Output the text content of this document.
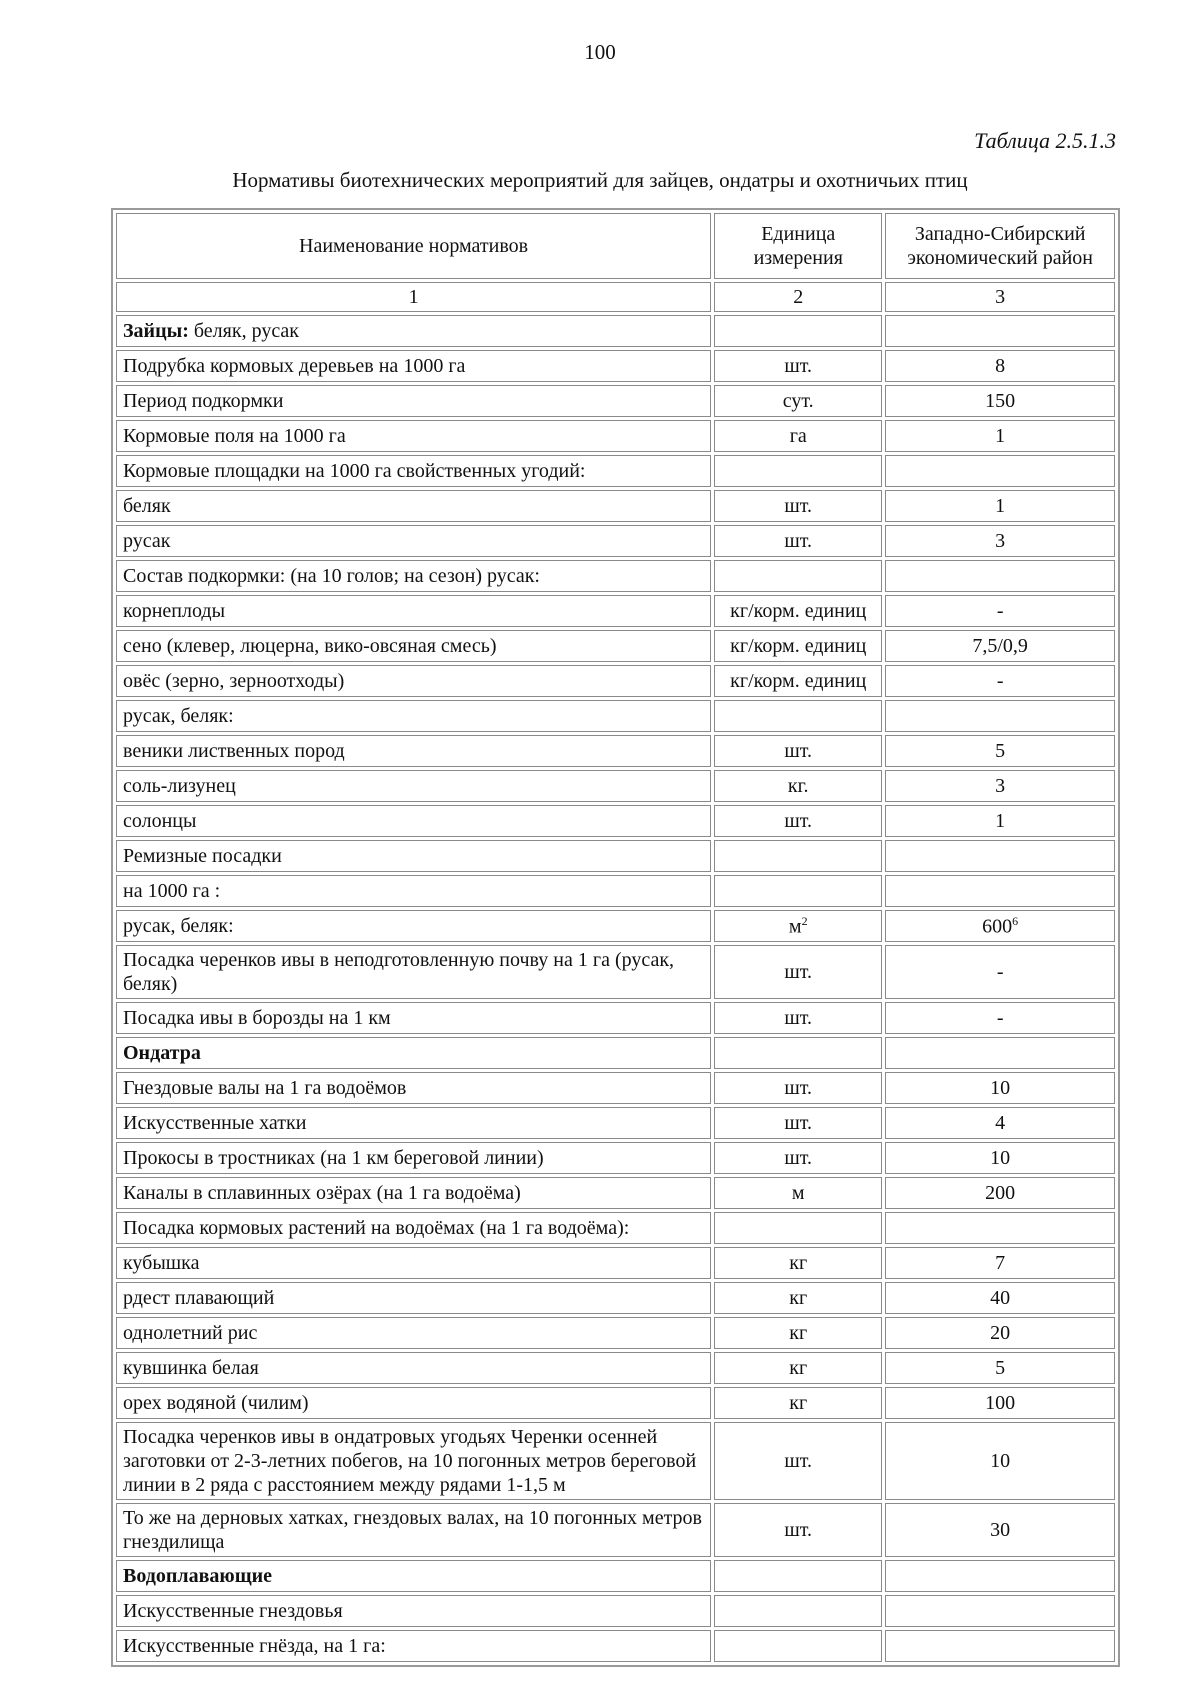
100
Таблица 2.5.1.3
Нормативы биотехнических мероприятий для зайцев, ондатры и охотничьих птиц
Наименование нормативов	Единица измерения	Западно-Сибирский экономический район
1	2	3
Зайцы: беляк, русак		
Подрубка кормовых деревьев на 1000 га	шт.	8
Период подкормки	сут.	150
Кормовые поля на 1000 га	га	1
Кормовые площадки на 1000 га свойственных угодий:		
беляк	шт.	1
русак	шт.	3
Состав подкормки: (на 10 голов; на сезон) русак:		
корнеплоды	кг/корм. единиц	-
сено (клевер, люцерна, вико-овсяная смесь)	кг/корм. единиц	7,5/0,9
овёс (зерно, зерноотходы)	кг/корм. единиц	-
русак, беляк:		
веники лиственных пород	шт.	5
соль-лизунец	кг.	3
солонцы	шт.	1
Ремизные посадки		
на 1000 га :		
русак, беляк:	$м^2$	$600^6$
Посадка черенков ивы в неподготовленную почву на 1 га (русак, беляк)	шт.	-
Посадка ивы в борозды на 1 км	шт.	-
Ондатра		
Гнездовые валы на 1 га водоёмов	шт.	10
Искусственные хатки	шт.	4
Прокосы в тростниках (на 1 км береговой линии)	шт.	10
Каналы в сплавинных озёрах (на 1 га водоёма)	м	200
Посадка кормовых растений на водоёмах (на 1 га водоёма):		
кубышка	кг	7
рдест плавающий	кг	40
однолетний рис	кг	20
кувшинка белая	кг	5
орех водяной (чилим)	кг	100
Посадка черенков ивы в ондатровых угодьях Черенки осенней заготовки от 2-3-летних побегов, на 10 погонных метров береговой линии в 2 ряда с расстоянием между рядами 1-1,5 м	шт.	10
То же на дерновых хатках, гнездовых валах, на 10 погонных метров гнездилища	шт.	30
Водоплавающие		
Искусственные гнездовья		
Искусственные гнёзда, на 1 га:		
